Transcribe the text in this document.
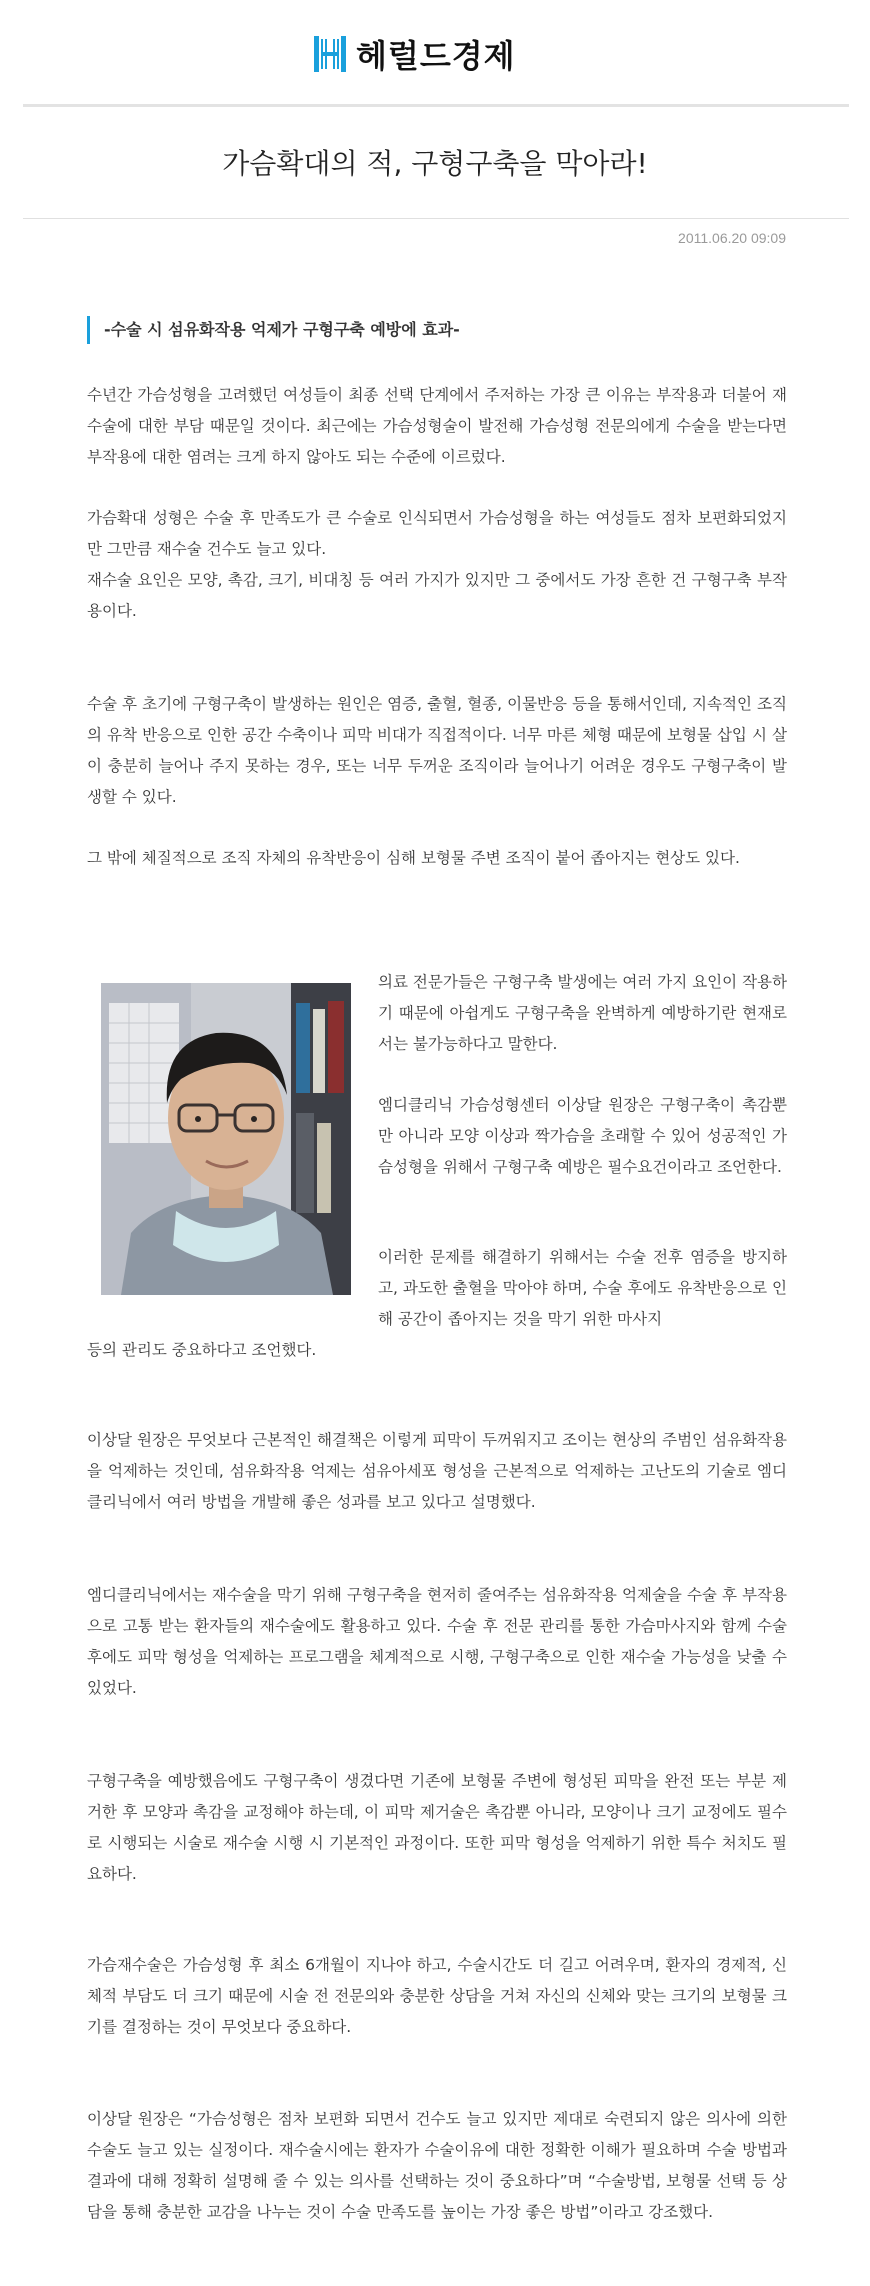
헤럴드경제
가슴확대의 적, 구형구축을 막아라!
2011.06.20 09:09
-수술 시 섬유화작용 억제가 구형구축 예방에 효과-

수년간 가슴성형을 고려했던 여성들이 최종 선택 단계에서 주저하는 가장 큰 이유는 부작용과 더불어 재수술에 대한 부담 때문일 것이다. 최근에는 가슴성형술이 발전해 가슴성형 전문의에게 수술을 받는다면 부작용에 대한 염려는 크게 하지 않아도 되는 수준에 이르렀다.

가슴확대 성형은 수술 후 만족도가 큰 수술로 인식되면서 가슴성형을 하는 여성들도 점차 보편화되었지만 그만큼 재수술 건수도 늘고 있다.

재수술 요인은 모양, 촉감, 크기, 비대칭 등 여러 가지가 있지만 그 중에서도 가장 흔한 건 구형구축 부작용이다.

수술 후 초기에 구형구축이 발생하는 원인은 염증, 출혈, 혈종, 이물반응 등을 통해서인데, 지속적인 조직의 유착 반응으로 인한 공간 수축이나 피막 비대가 직접적이다. 너무 마른 체형 때문에 보형물 삽입 시 살이 충분히 늘어나 주지 못하는 경우, 또는 너무 두꺼운 조직이라 늘어나기 어려운 경우도 구형구축이 발생할 수 있다.

그 밖에 체질적으로 조직 자체의 유착반응이 심해 보형물 주변 조직이 붙어 좁아지는 현상도 있다.

의료 전문가들은 구형구축 발생에는 여러 가지 요인이 작용하기 때문에 아쉽게도 구형구축을 완벽하게 예방하기란 현재로서는 불가능하다고 말한다.

엠디클리닉 가슴성형센터 이상달 원장은 구형구축이 촉감뿐만 아니라 모양 이상과 짝가슴을 초래할 수 있어 성공적인 가슴성형을 위해서 구형구축 예방은 필수요건이라고 조언한다.

이러한 문제를 해결하기 위해서는 수술 전후 염증을 방지하고, 과도한 출혈을 막아야 하며, 수술 후에도 유착반응으로 인해 공간이 좁아지는 것을 막기 위한 마사지

등의 관리도 중요하다고 조언했다.

이상달 원장은 무엇보다 근본적인 해결책은 이렇게 피막이 두꺼워지고 조이는 현상의 주범인 섬유화작용을 억제하는 것인데, 섬유화작용 억제는 섬유아세포 형성을 근본적으로 억제하는 고난도의 기술로 엠디클리닉에서 여러 방법을 개발해 좋은 성과를 보고 있다고 설명했다.

엠디클리닉에서는 재수술을 막기 위해 구형구축을 현저히 줄여주는 섬유화작용 억제술을 수술 후 부작용으로 고통 받는 환자들의 재수술에도 활용하고 있다. 수술 후 전문 관리를 통한 가슴마사지와 함께 수술 후에도 피막 형성을 억제하는 프로그램을 체계적으로 시행, 구형구축으로 인한 재수술 가능성을 낮출 수 있었다.

구형구축을 예방했음에도 구형구축이 생겼다면 기존에 보형물 주변에 형성된 피막을 완전 또는 부분 제거한 후 모양과 촉감을 교정해야 하는데, 이 피막 제거술은 촉감뿐 아니라, 모양이나 크기 교정에도 필수로 시행되는 시술로 재수술 시행 시 기본적인 과정이다. 또한 피막 형성을 억제하기 위한 특수 처치도 필요하다.

가슴재수술은 가슴성형 후 최소 6개월이 지나야 하고, 수술시간도 더 길고 어려우며, 환자의 경제적, 신체적 부담도 더 크기 때문에 시술 전 전문의와 충분한 상담을 거쳐 자신의 신체와 맞는 크기의 보형물 크기를 결정하는 것이 무엇보다 중요하다.

이상달 원장은 “가슴성형은 점차 보편화 되면서 건수도 늘고 있지만 제대로 숙련되지 않은 의사에 의한 수술도 늘고 있는 실정이다. 재수술시에는 환자가 수술이유에 대한 정확한 이해가 필요하며 수술 방법과 결과에 대해 정확히 설명해 줄 수 있는 의사를 선택하는 것이 중요하다”며 “수술방법, 보형물 선택 등 상담을 통해 충분한 교감을 나누는 것이 수술 만족도를 높이는 가장 좋은 방법”이라고 강조했다.
